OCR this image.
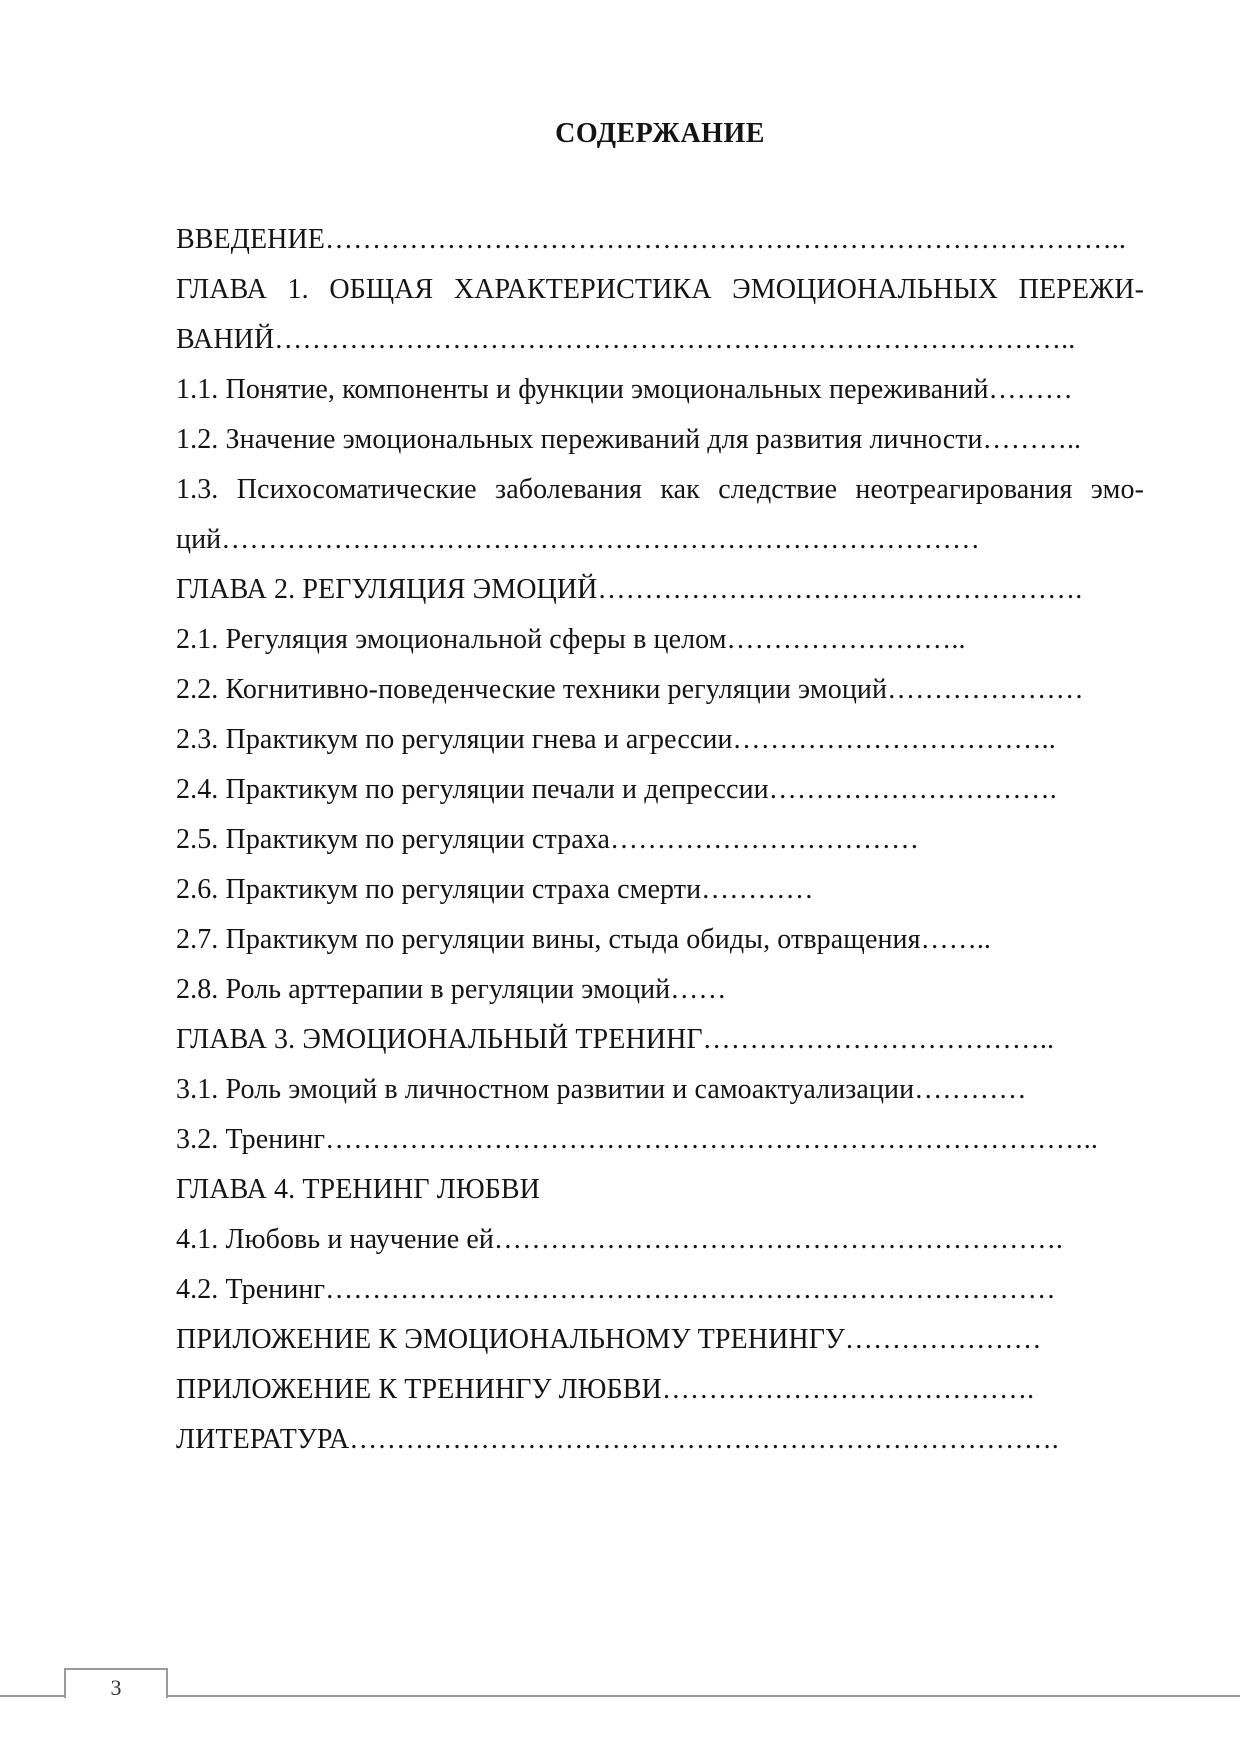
СОДЕРЖАНИЕ
ВВЕДЕНИЕ…………………………………………………………………………..
ГЛАВА 1. ОБЩАЯ ХАРАКТЕРИСТИКА ЭМОЦИОНАЛЬНЫХ ПЕРЕЖИ-
ВАНИЙ…………………………………………………………………………..
1.1. Понятие, компоненты и функции эмоциональных переживаний………
1.2. Значение эмоциональных переживаний для развития личности………..
1.3. Психосоматические заболевания как следствие неотреагирования эмо-
ций………………………………………………………………………
ГЛАВА 2. РЕГУЛЯЦИЯ ЭМОЦИЙ…………………………………………….
2.1. Регуляция эмоциональной сферы в целом……………………..
2.2. Когнитивно-поведенческие техники регуляции эмоций…………………
2.3. Практикум по регуляции гнева и агрессии……………………………..
2.4. Практикум по регуляции печали и депрессии………………………….
2.5. Практикум по регуляции страха……………………………
2.6. Практикум по регуляции страха смерти…………
2.7. Практикум по регуляции вины, стыда обиды, отвращения……..
2.8. Роль арттерапии в регуляции эмоций……
ГЛАВА 3. ЭМОЦИОНАЛЬНЫЙ ТРЕНИНГ………………………………..
3.1. Роль эмоций в личностном развитии и самоактуализации…………
3.2. Тренинг………………………………………………………………………..
ГЛАВА 4. ТРЕНИНГ ЛЮБВИ
4.1. Любовь и научение ей…………………………………………………….
4.2. Тренинг……………………………………………………………………
ПРИЛОЖЕНИЕ К ЭМОЦИОНАЛЬНОМУ ТРЕНИНГУ…………………
ПРИЛОЖЕНИЕ К ТРЕНИНГУ ЛЮБВИ………………………………….
ЛИТЕРАТУРА………………………………………………………………….
3
